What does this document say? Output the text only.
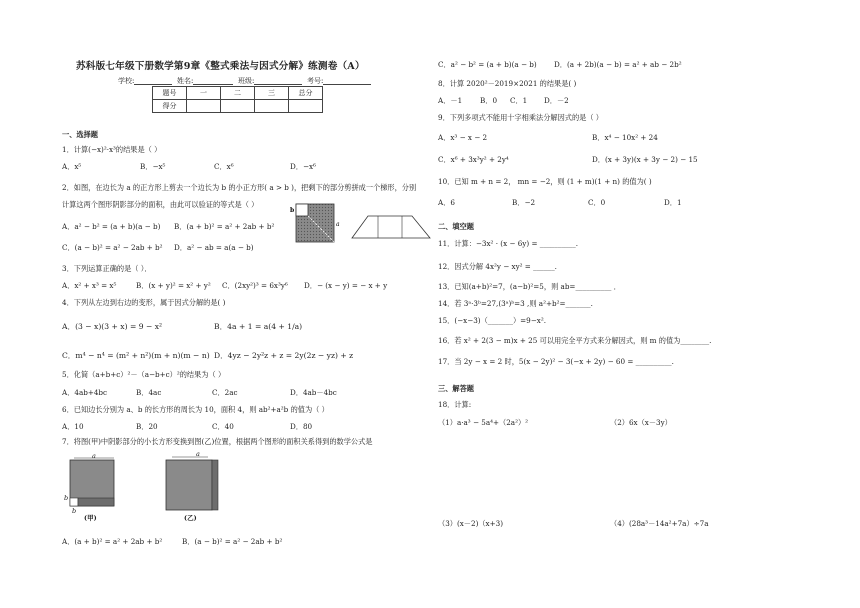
苏科版七年级下册数学第9章《整式乘法与因式分解》练测卷（A）
学校:	姓名:	班级:	考号:
题号	一	二	三	总分
得分				
一、选择题
1．计算(−x)²·x³的结果是（ ）
A．x⁵	B．−x⁵	C．x⁶	D．−x⁶
2．如图，在边长为 a 的正方形上剪去一个边长为 b 的小正方形( a > b )，把剩下的部分剪拼成一个梯形，分别
计算这两个图形阴影部分的面积，由此可以验证的等式是（ ）
A．a² − b² = (a + b)(a − b) B．(a + b)² = a² + 2ab + b²
C．(a − b)² = a² − 2ab + b² D．a² − ab = a(a − b)
b
a
3．下列运算正确的是（ ）．
A．x² + x³ = x⁵	B．(x + y)² = x² + y² C．(2xy²)³ = 6x³y⁶ D．− (x − y) = − x + y
4．下列从左边到右边的变形，属于因式分解的是( )
A．(3 − x)(3 + x) = 9 − x²	B．4a + 1 = a(4 + 1/a)
C．m⁴ − n⁴ = (m² + n²)(m + n)(m − n) D．4yz − 2y²z + z = 2y(2z − yz) + z
5．化简（a+b+c）²－（a−b+c）²的结果为（ ）
A．4ab+4bc	B．4ac	C．2ac	D．4ab－4bc
6．已知边长分别为 a、b 的长方形的周长为 10，面积 4，则 ab²+a²b 的值为（ ）
A．10	B．20	C．40	D．80
7．将图(甲)中阴影部分的小长方形变换到图(乙)位置，根据两个图形的面积关系得到的数学公式是
a
b
b
(甲)
a
(乙)
A．(a + b)² = a² + 2ab + b²	B．(a − b)² = a² − 2ab + b²
C．a² − b² = (a + b)(a − b) D．(a + 2b)(a − b) = a² + ab − 2b²
8．计算 2020²－2019×2021 的结果是( )
A．－1 B．0 C．1 D．－2
9．下列多项式不能用十字相乘法分解因式的是（ ）
A．x³ − x − 2	B．x⁴ − 10x² + 24
C．x⁶ + 3x³y² + 2y⁴	D．(x + 3y)(x + 3y − 2) − 15
10．已知 m + n = 2， mn = −2，则 (1 + m)(1 + n) 的值为( )
A．6	B．−2	C．0	D．1
二、填空题
11．计算：−3x² · (x − 6y) = __________.
12．因式分解 4x²y − xy² = ______.
13．已知(a+b)²=7，(a−b)²=5，则 ab=__________ ．
14．若 3ᵃ·3ᵇ=27,(3ᵃ)ᵇ=3 ,则 a²+b²=_______.
15．(−x−3)（_______）=9−x².
16．若 x² + 2(3 − m)x + 25 可以用完全平方式来分解因式，则 m 的值为________.
17．当 2y − x = 2 时，5(x − 2y)² − 3(−x + 2y) − 60 = __________.
三、解答题
18．计算:
（1）a·a³ − 5a⁴+（2a²）²	（2）6x（x－3y）
（3）(x－2)（x+3)	（4）(28a³－14a²+7a）÷7a
